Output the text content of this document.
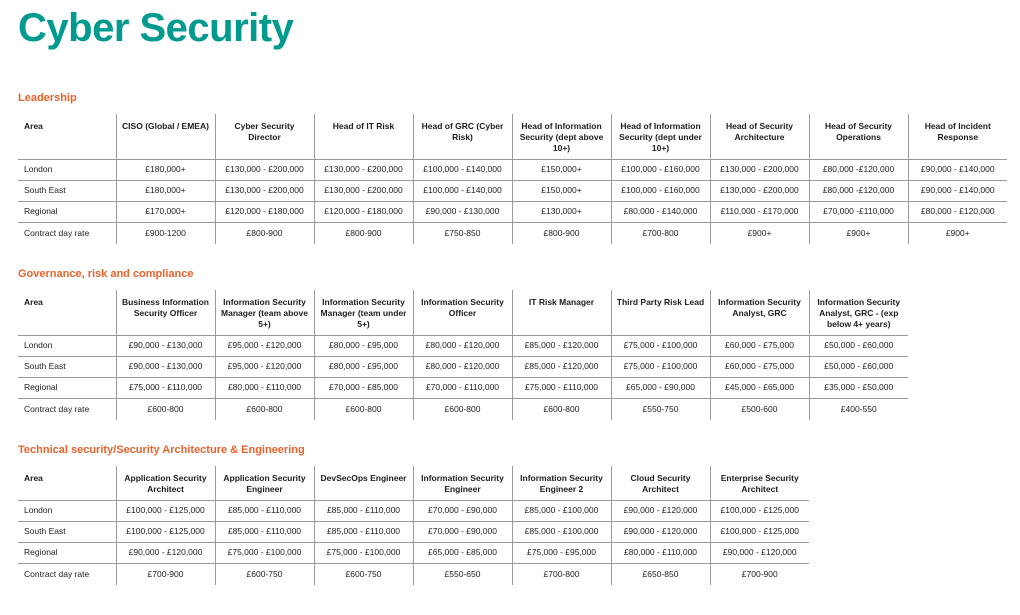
Cyber Security
Leadership
Area	CISO (Global / EMEA)	Cyber Security Director	Head of IT Risk	Head of GRC (Cyber Risk)	Head of Information Security (dept above 10+)	Head of Information Security (dept under 10+)	Head of Security Architecture	Head of Security Operations	Head of Incident Response
London	£180,000+	£130,000 - £200,000	£130,000 - £200,000	£100,000 - £140,000	£150,000+	£100,000 - £160,000	£130,000 - £200,000	£80,000 -£120,000	£90,000 - £140,000
South East	£180,000+	£130,000 - £200,000	£130,000 - £200,000	£100,000 - £140,000	£150,000+	£100,000 - £160,000	£130,000 - £200,000	£80,000 -£120,000	£90,000 - £140,000
Regional	£170,000+	£120,000 - £180,000	£120,000 - £180,000	£90,000 - £130,000	£130,000+	£80,000 - £140,000	£110,000 - £170,000	£70,000 -£110,000	£80,000 - £120,000
Contract day rate	£900-1200	£800-900	£800-900	£750-850	£800-900	£700-800	£900+	£900+	£900+
Governance, risk and compliance
Area	Business Information Security Officer	Information Security Manager (team above 5+)	Information Security Manager (team under 5+)	Information Security Officer	IT Risk Manager	Third Party Risk Lead	Information Security Analyst, GRC	Information Security Analyst, GRC - (exp below 4+ years)
London	£90,000 - £130,000	£95,000 - £120,000	£80,000 - £95,000	£80,000 - £120,000	£85,000 - £120,000	£75,000 - £100,000	£60,000 - £75,000	£50,000 - £60,000
South East	£90,000 - £130,000	£95,000 - £120,000	£80,000 - £95,000	£80,000 - £120,000	£85,000 - £120,000	£75,000 - £100,000	£60,000 - £75,000	£50,000 - £60,000
Regional	£75,000 - £110,000	£80,000 - £110,000	£70,000 - £85,000	£70,000 - £110,000	£75,000 - £110,000	£65,000 - £90,000	£45,000 - £65,000	£35,000 - £50,000
Contract day rate	£600-800	£600-800	£600-800	£600-800	£600-800	£550-750	£500-600	£400-550
Technical security/Security Architecture & Engineering
Area	Application Security Architect	Application Security Engineer	DevSecOps Engineer	Information Security Engineer	Information Security Engineer 2	Cloud Security Architect	Enterprise Security Architect
London	£100,000 - £125,000	£85,000 - £110,000	£85,000 - £110,000	£70,000 - £90,000	£85,000 - £100,000	£90,000 - £120,000	£100,000 - £125,000
South East	£100,000 - £125,000	£85,000 - £110,000	£85,000 - £110,000	£70,000 - £90,000	£85,000 - £100,000	£90,000 - £120,000	£100,000 - £125,000
Regional	£90,000 - £120,000	£75,000 - £100,000	£75,000 - £100,000	£65,000 - £85,000	£75,000 - £95,000	£80,000 - £110,000	£90,000 - £120,000
Contract day rate	£700-900	£600-750	£600-750	£550-650	£700-800	£650-850	£700-900
